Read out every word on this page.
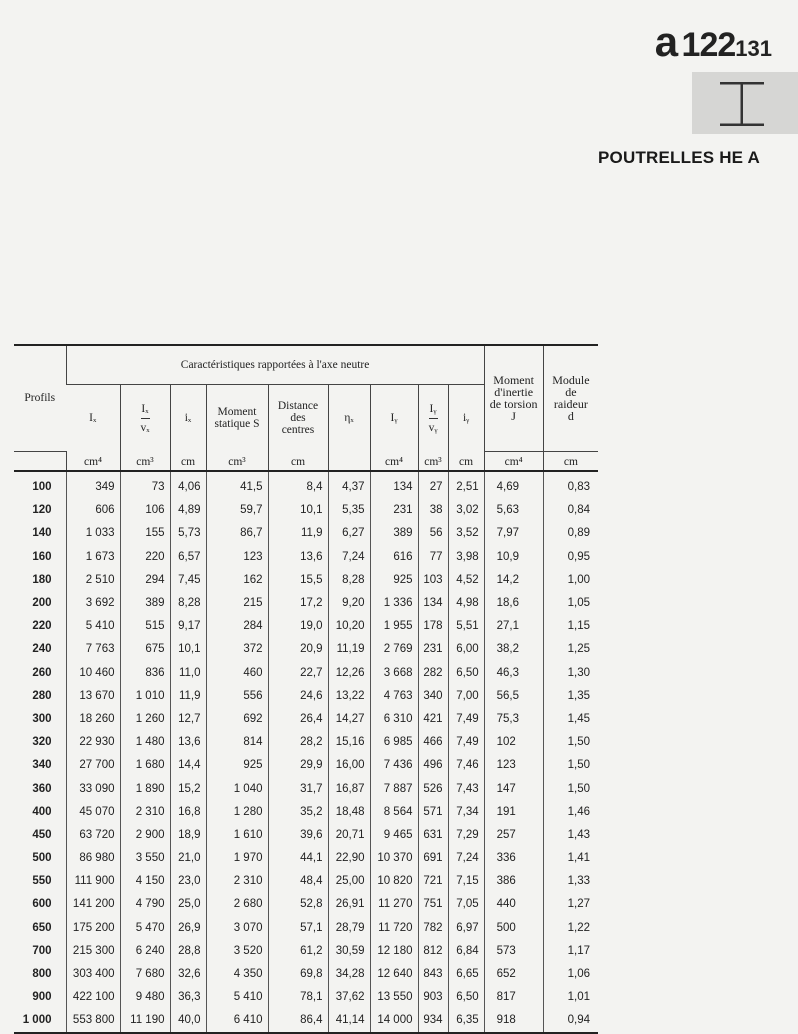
a 122131
POUTRELLES HE A
Profils	Caractéristiques rapportées à l'axe neutre									Moment d'inertie de torsion J	Module de raideur d
	Iₓ	$\frac{\text{Iₓ}}{\text{vₓ}}$	iₓ	Moment statique S	Distance des centres	ηₓ	Iᵧ	$\frac{\text{Iᵧ}}{\text{vᵧ}}$	iᵧ		
	cm⁴	cm³	cm	cm³	cm		cm⁴	cm³	cm	cm⁴	cm
100	349	73	4,06	41,5	8,4	4,37	134	27	2,51	4,69	0,83
120	606	106	4,89	59,7	10,1	5,35	231	38	3,02	5,63	0,84
140	1 033	155	5,73	86,7	11,9	6,27	389	56	3,52	7,97	0,89
160	1 673	220	6,57	123	13,6	7,24	616	77	3,98	10,9	0,95
180	2 510	294	7,45	162	15,5	8,28	925	103	4,52	14,2	1,00
200	3 692	389	8,28	215	17,2	9,20	1 336	134	4,98	18,6	1,05
220	5 410	515	9,17	284	19,0	10,20	1 955	178	5,51	27,1	1,15
240	7 763	675	10,1	372	20,9	11,19	2 769	231	6,00	38,2	1,25
260	10 460	836	11,0	460	22,7	12,26	3 668	282	6,50	46,3	1,30
280	13 670	1 010	11,9	556	24,6	13,22	4 763	340	7,00	56,5	1,35
300	18 260	1 260	12,7	692	26,4	14,27	6 310	421	7,49	75,3	1,45
320	22 930	1 480	13,6	814	28,2	15,16	6 985	466	7,49	102	1,50
340	27 700	1 680	14,4	925	29,9	16,00	7 436	496	7,46	123	1,50
360	33 090	1 890	15,2	1 040	31,7	16,87	7 887	526	7,43	147	1,50
400	45 070	2 310	16,8	1 280	35,2	18,48	8 564	571	7,34	191	1,46
450	63 720	2 900	18,9	1 610	39,6	20,71	9 465	631	7,29	257	1,43
500	86 980	3 550	21,0	1 970	44,1	22,90	10 370	691	7,24	336	1,41
550	111 900	4 150	23,0	2 310	48,4	25,00	10 820	721	7,15	386	1,33
600	141 200	4 790	25,0	2 680	52,8	26,91	11 270	751	7,05	440	1,27
650	175 200	5 470	26,9	3 070	57,1	28,79	11 720	782	6,97	500	1,22
700	215 300	6 240	28,8	3 520	61,2	30,59	12 180	812	6,84	573	1,17
800	303 400	7 680	32,6	4 350	69,8	34,28	12 640	843	6,65	652	1,06
900	422 100	9 480	36,3	5 410	78,1	37,62	13 550	903	6,50	817	1,01
1 000	553 800	11 190	40,0	6 410	86,4	41,14	14 000	934	6,35	918	0,94
